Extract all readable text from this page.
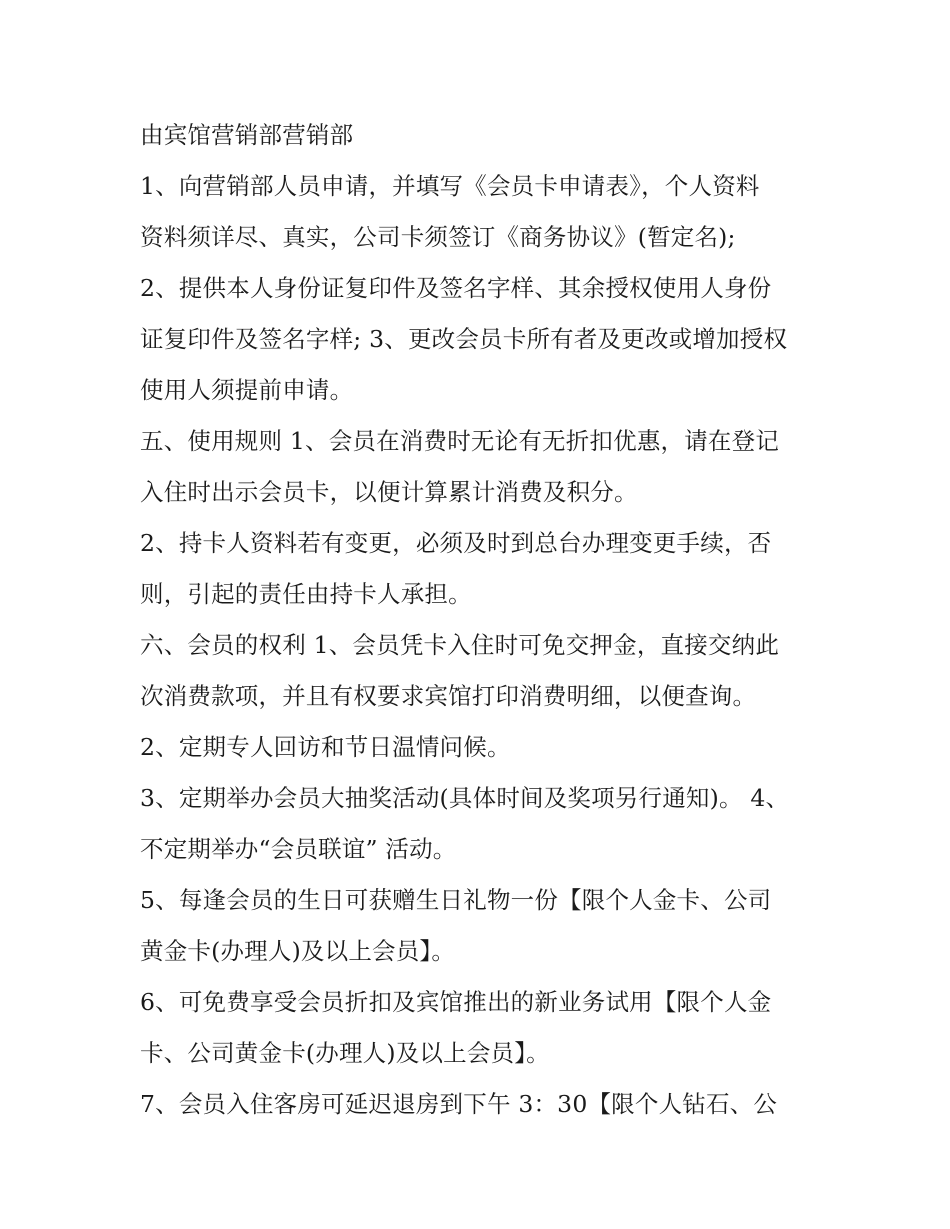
由宾馆营销部营销部
1、向营销部人员申请，并填写《会员卡申请表》，个人资料
资料须详尽、真实，公司卡须签订《商务协议》(暂定名);
2、提供本人身份证复印件及签名字样、其余授权使用人身份
证复印件及签名字样; 3、更改会员卡所有者及更改或增加授权
使用人须提前申请。
五、使用规则 1、会员在消费时无论有无折扣优惠，请在登记
入住时出示会员卡，以便计算累计消费及积分。
2、持卡人资料若有变更，必须及时到总台办理变更手续，否
则，引起的责任由持卡人承担。
六、会员的权利 1、会员凭卡入住时可免交押金，直接交纳此
次消费款项，并且有权要求宾馆打印消费明细，以便查询。
2、定期专人回访和节日温情问候。
3、定期举办会员大抽奖活动(具体时间及奖项另行通知)。 4、
不定期举办“会员联谊” 活动。
5、每逢会员的生日可获赠生日礼物一份【限个人金卡、公司
黄金卡(办理人)及以上会员】。
6、可免费享受会员折扣及宾馆推出的新业务试用【限个人金
卡、公司黄金卡(办理人)及以上会员】。
7、会员入住客房可延迟退房到下午 3：30【限个人钻石、公
